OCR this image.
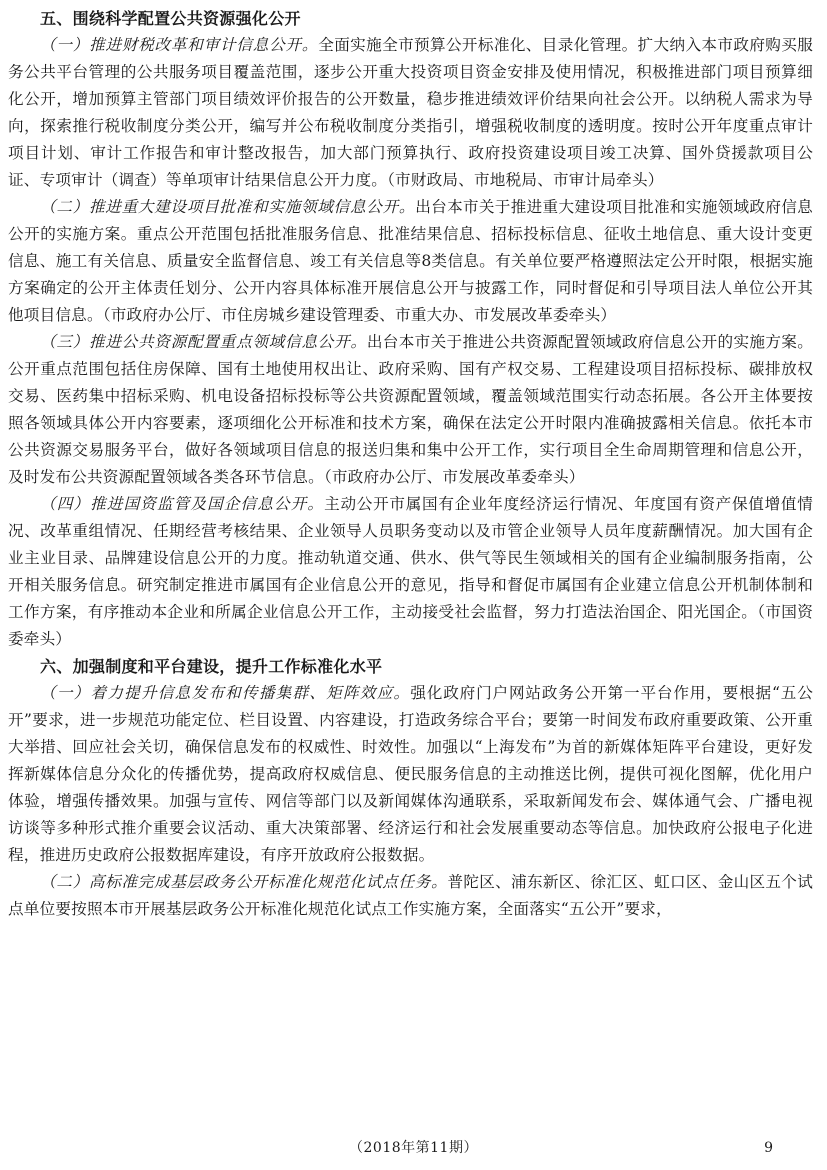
五、围绕科学配置公共资源强化公开

（一）推进财税改革和审计信息公开。全面实施全市预算公开标准化、目录化管理。扩大纳入本市政府购买服务公共平台管理的公共服务项目覆盖范围，逐步公开重大投资项目资金安排及使用情况，积极推进部门项目预算细化公开，增加预算主管部门项目绩效评价报告的公开数量，稳步推进绩效评价结果向社会公开。以纳税人需求为导向，探索推行税收制度分类公开，编写并公布税收制度分类指引，增强税收制度的透明度。按时公开年度重点审计项目计划、审计工作报告和审计整改报告，加大部门预算执行、政府投资建设项目竣工决算、国外贷援款项目公证、专项审计（调查）等单项审计结果信息公开力度。（市财政局、市地税局、市审计局牵头）

（二）推进重大建设项目批准和实施领域信息公开。出台本市关于推进重大建设项目批准和实施领域政府信息公开的实施方案。重点公开范围包括批准服务信息、批准结果信息、招标投标信息、征收土地信息、重大设计变更信息、施工有关信息、质量安全监督信息、竣工有关信息等8类信息。有关单位要严格遵照法定公开时限，根据实施方案确定的公开主体责任划分、公开内容具体标准开展信息公开与披露工作，同时督促和引导项目法人单位公开其他项目信息。（市政府办公厅、市住房城乡建设管理委、市重大办、市发展改革委牵头）

（三）推进公共资源配置重点领域信息公开。出台本市关于推进公共资源配置领域政府信息公开的实施方案。公开重点范围包括住房保障、国有土地使用权出让、政府采购、国有产权交易、工程建设项目招标投标、碳排放权交易、医药集中招标采购、机电设备招标投标等公共资源配置领域，覆盖领域范围实行动态拓展。各公开主体要按照各领域具体公开内容要素，逐项细化公开标准和技术方案，确保在法定公开时限内准确披露相关信息。依托本市公共资源交易服务平台，做好各领域项目信息的报送归集和集中公开工作，实行项目全生命周期管理和信息公开，及时发布公共资源配置领域各类各环节信息。（市政府办公厅、市发展改革委牵头）

（四）推进国资监管及国企信息公开。主动公开市属国有企业年度经济运行情况、年度国有资产保值增值情况、改革重组情况、任期经营考核结果、企业领导人员职务变动以及市管企业领导人员年度薪酬情况。加大国有企业主业目录、品牌建设信息公开的力度。推动轨道交通、供水、供气等民生领域相关的国有企业编制服务指南，公开相关服务信息。研究制定推进市属国有企业信息公开的意见，指导和督促市属国有企业建立信息公开机制体制和工作方案，有序推动本企业和所属企业信息公开工作，主动接受社会监督，努力打造法治国企、阳光国企。（市国资委牵头）

六、加强制度和平台建设，提升工作标准化水平

（一）着力提升信息发布和传播集群、矩阵效应。强化政府门户网站政务公开第一平台作用，要根据“五公开”要求，进一步规范功能定位、栏目设置、内容建设，打造政务综合平台；要第一时间发布政府重要政策、公开重大举措、回应社会关切，确保信息发布的权威性、时效性。加强以“上海发布”为首的新媒体矩阵平台建设，更好发挥新媒体信息分众化的传播优势，提高政府权威信息、便民服务信息的主动推送比例，提供可视化图解，优化用户体验，增强传播效果。加强与宣传、网信等部门以及新闻媒体沟通联系，采取新闻发布会、媒体通气会、广播电视访谈等多种形式推介重要会议活动、重大决策部署、经济运行和社会发展重要动态等信息。加快政府公报电子化进程，推进历史政府公报数据库建设，有序开放政府公报数据。

（二）高标准完成基层政务公开标准化规范化试点任务。普陀区、浦东新区、徐汇区、虹口区、金山区五个试点单位要按照本市开展基层政务公开标准化规范化试点工作实施方案，全面落实“五公开”要求，

（2018年第11期）	9
